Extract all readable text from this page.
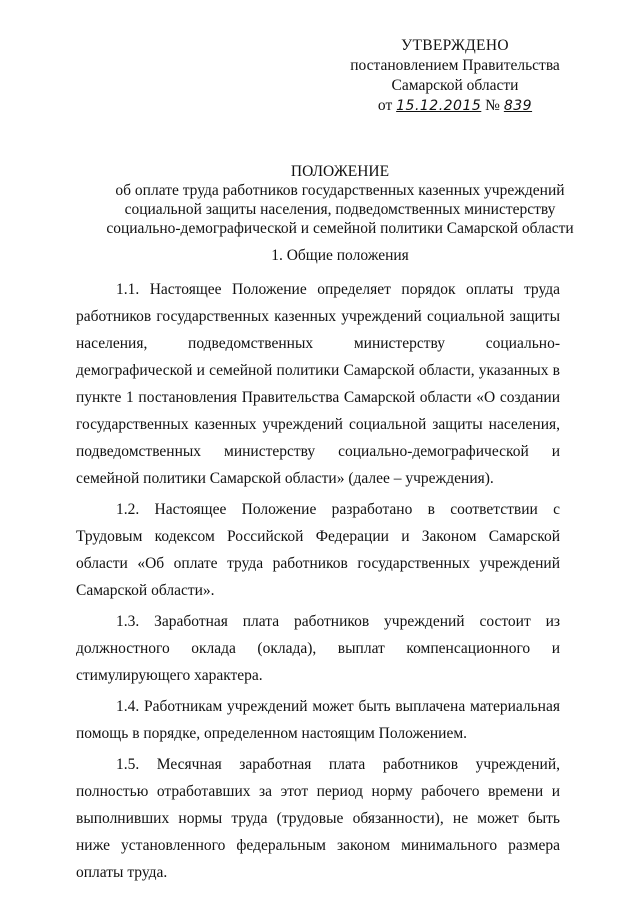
УТВЕРЖДЕНО
постановлением Правительства
Самарской области
от 15.12.2015 № 839
ПОЛОЖЕНИЕ
об оплате труда работников государственных казенных учреждений
социальной защиты населения, подведомственных министерству
социально-демографической и семейной политики Самарской области
1. Общие положения

1.1. Настоящее Положение определяет порядок оплаты труда работников государственных казенных учреждений социальной защиты населения, подведомственных министерству социально-демографической и семейной политики Самарской области, указанных в пункте 1 постановления Правительства Самарской области «О создании государственных казенных учреждений социальной защиты населения, подведомственных министерству социально-демографической и семейной политики Самарской области» (далее – учреждения).

1.2. Настоящее Положение разработано в соответствии с Трудовым кодексом Российской Федерации и Законом Самарской области «Об оплате труда работников государственных учреждений Самарской области».

1.3. Заработная плата работников учреждений состоит из должностного оклада (оклада), выплат компенсационного и стимулирующего характера.

1.4. Работникам учреждений может быть выплачена материальная помощь в порядке, определенном настоящим Положением.

1.5. Месячная заработная плата работников учреждений, полностью отработавших за этот период норму рабочего времени и выполнивших нормы труда (трудовые обязанности), не может быть ниже установленного федеральным законом минимального размера оплаты труда.
